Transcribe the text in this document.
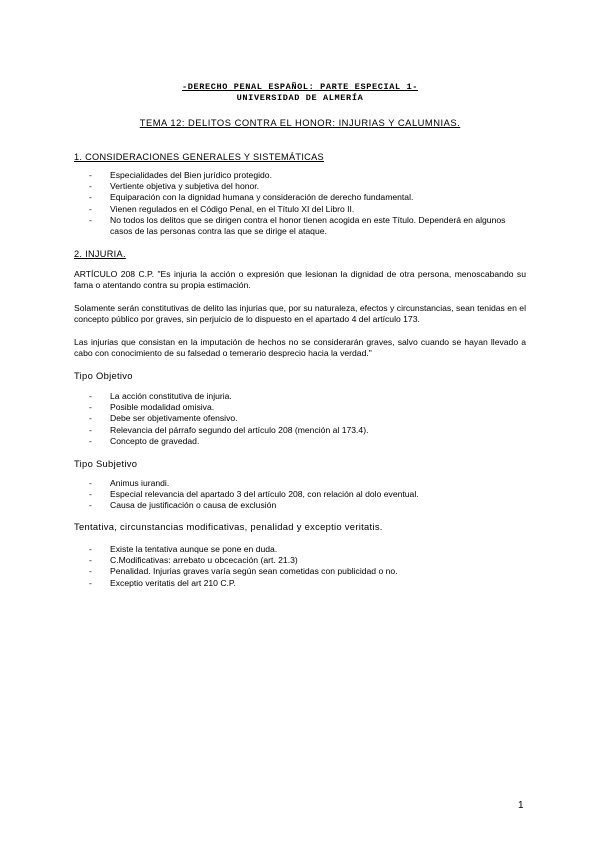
-DERECHO PENAL ESPAÑOL: PARTE ESPECIAL 1-
UNIVERSIDAD DE ALMERÍA
TEMA 12: DELITOS CONTRA EL HONOR: INJURIAS Y CALUMNIAS.
1. CONSIDERACIONES GENERALES Y SISTEMÁTICAS
- Especialidades del Bien jurídico protegido.
- Vertiente objetiva y subjetiva del honor.
- Equiparación con la dignidad humana y consideración de derecho fundamental.
- Vienen regulados en el Código Penal, en el Título XI del Libro II.
- No todos los delitos que se dirigen contra el honor tienen acogida en este Título. Dependerá en algunos casos de las personas contra las que se dirige el ataque.
2. INJURIA.
ARTÍCULO 208 C.P. "Es injuria la acción o expresión que lesionan la dignidad de otra persona, menoscabando su fama o atentando contra su propia estimación.
Solamente serán constitutivas de delito las injurias que, por su naturaleza, efectos y circunstancias, sean tenidas en el concepto público por graves, sin perjuicio de lo dispuesto en el apartado 4 del artículo 173.
Las injurias que consistan en la imputación de hechos no se considerarán graves, salvo cuando se hayan llevado a cabo con conocimiento de su falsedad o temerario desprecio hacia la verdad."
Tipo Objetivo
- La acción constitutiva de injuria.
- Posible modalidad omisiva.
- Debe ser objetivamente ofensivo.
- Relevancia del párrafo segundo del artículo 208 (mención al 173.4).
- Concepto de gravedad.
Tipo Subjetivo
- Animus iurandi.
- Especial relevancia del apartado 3 del artículo 208, con relación al dolo eventual.
- Causa de justificación o causa de exclusión
Tentativa, circunstancias modificativas, penalidad y exceptio veritatis.
- Existe la tentativa aunque se pone en duda.
- C.Modificativas: arrebato u obcecación (art. 21.3)
- Penalidad. Injurias graves varía según sean cometidas con publicidad o no.
- Exceptio veritatis del art 210 C.P.
1
